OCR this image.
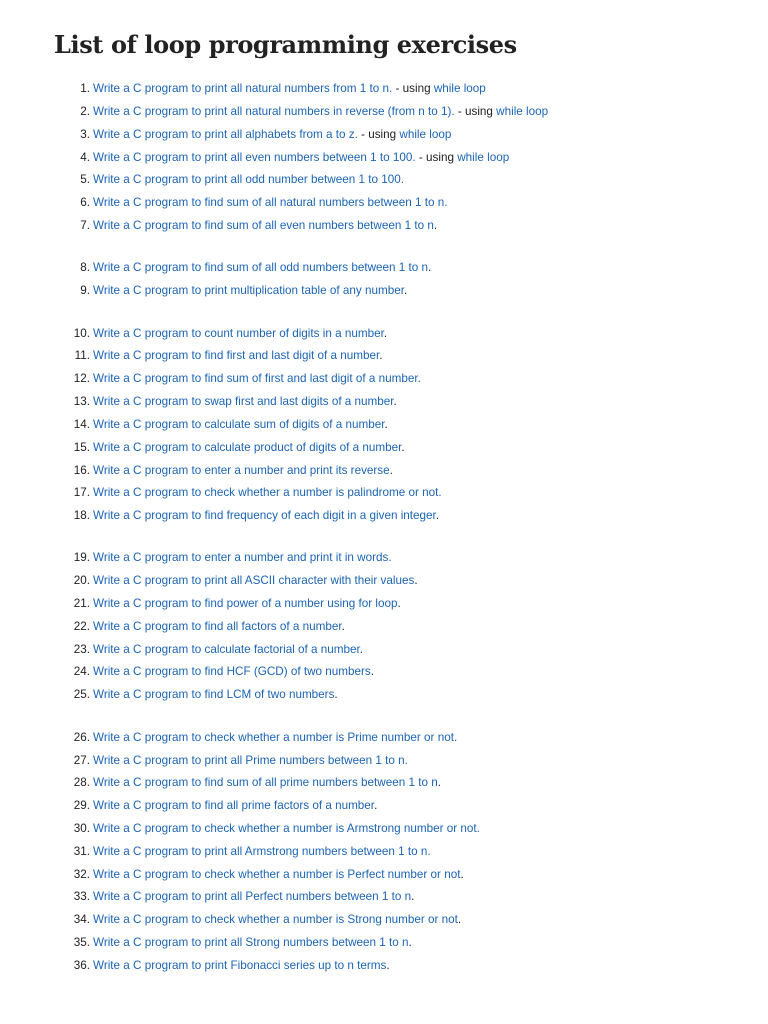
List of loop programming exercises
1. Write a C program to print all natural numbers from 1 to n. - using while loop
2. Write a C program to print all natural numbers in reverse (from n to 1). - using while loop
3. Write a C program to print all alphabets from a to z. - using while loop
4. Write a C program to print all even numbers between 1 to 100. - using while loop
5. Write a C program to print all odd number between 1 to 100.
6. Write a C program to find sum of all natural numbers between 1 to n.
7. Write a C program to find sum of all even numbers between 1 to n.
8. Write a C program to find sum of all odd numbers between 1 to n.
9. Write a C program to print multiplication table of any number.
10. Write a C program to count number of digits in a number.
11. Write a C program to find first and last digit of a number.
12. Write a C program to find sum of first and last digit of a number.
13. Write a C program to swap first and last digits of a number.
14. Write a C program to calculate sum of digits of a number.
15. Write a C program to calculate product of digits of a number.
16. Write a C program to enter a number and print its reverse.
17. Write a C program to check whether a number is palindrome or not.
18. Write a C program to find frequency of each digit in a given integer.
19. Write a C program to enter a number and print it in words.
20. Write a C program to print all ASCII character with their values.
21. Write a C program to find power of a number using for loop.
22. Write a C program to find all factors of a number.
23. Write a C program to calculate factorial of a number.
24. Write a C program to find HCF (GCD) of two numbers.
25. Write a C program to find LCM of two numbers.
26. Write a C program to check whether a number is Prime number or not.
27. Write a C program to print all Prime numbers between 1 to n.
28. Write a C program to find sum of all prime numbers between 1 to n.
29. Write a C program to find all prime factors of a number.
30. Write a C program to check whether a number is Armstrong number or not.
31. Write a C program to print all Armstrong numbers between 1 to n.
32. Write a C program to check whether a number is Perfect number or not.
33. Write a C program to print all Perfect numbers between 1 to n.
34. Write a C program to check whether a number is Strong number or not.
35. Write a C program to print all Strong numbers between 1 to n.
36. Write a C program to print Fibonacci series up to n terms.
